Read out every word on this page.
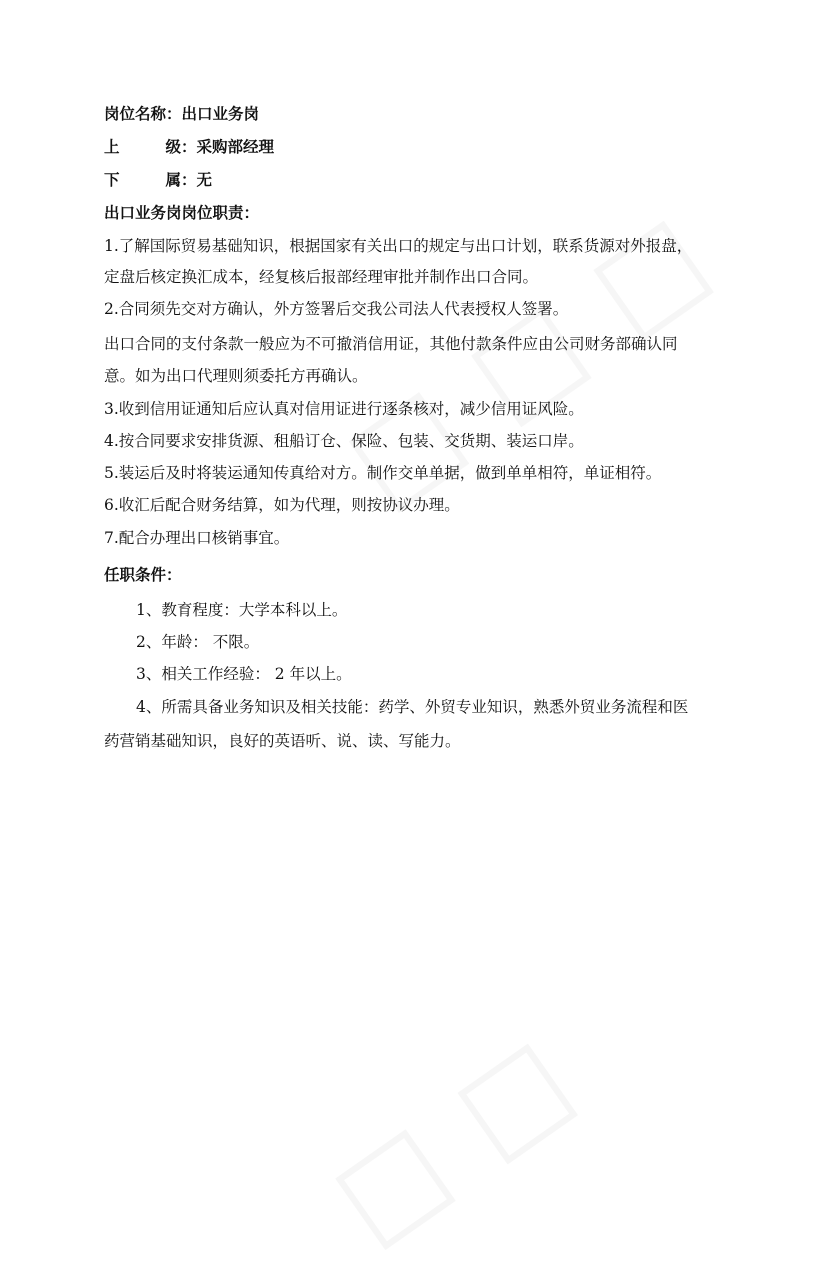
岗位名称：出口业务岗
上	级：采购部经理
下	属：无
出口业务岗岗位职责：
1.了解国际贸易基础知识，根据国家有关出口的规定与出口计划，联系货源对外报盘，
定盘后核定换汇成本，经复核后报部经理审批并制作出口合同。
2.合同须先交对方确认，外方签署后交我公司法人代表授权人签署。
出口合同的支付条款一般应为不可撤消信用证，其他付款条件应由公司财务部确认同
意。如为出口代理则须委托方再确认。
3.收到信用证通知后应认真对信用证进行逐条核对，减少信用证风险。
4.按合同要求安排货源、租船订仓、保险、包装、交货期、装运口岸。
5.装运后及时将装运通知传真给对方。制作交单单据，做到单单相符，单证相符。
6.收汇后配合财务结算，如为代理，则按协议办理。
7.配合办理出口核销事宜。
任职条件：
1、教育程度：大学本科以上。
2、年龄： 不限。
3、相关工作经验： 2 年以上。
4、所需具备业务知识及相关技能：药学、外贸专业知识，熟悉外贸业务流程和医
药营销基础知识，良好的英语听、说、读、写能力。
